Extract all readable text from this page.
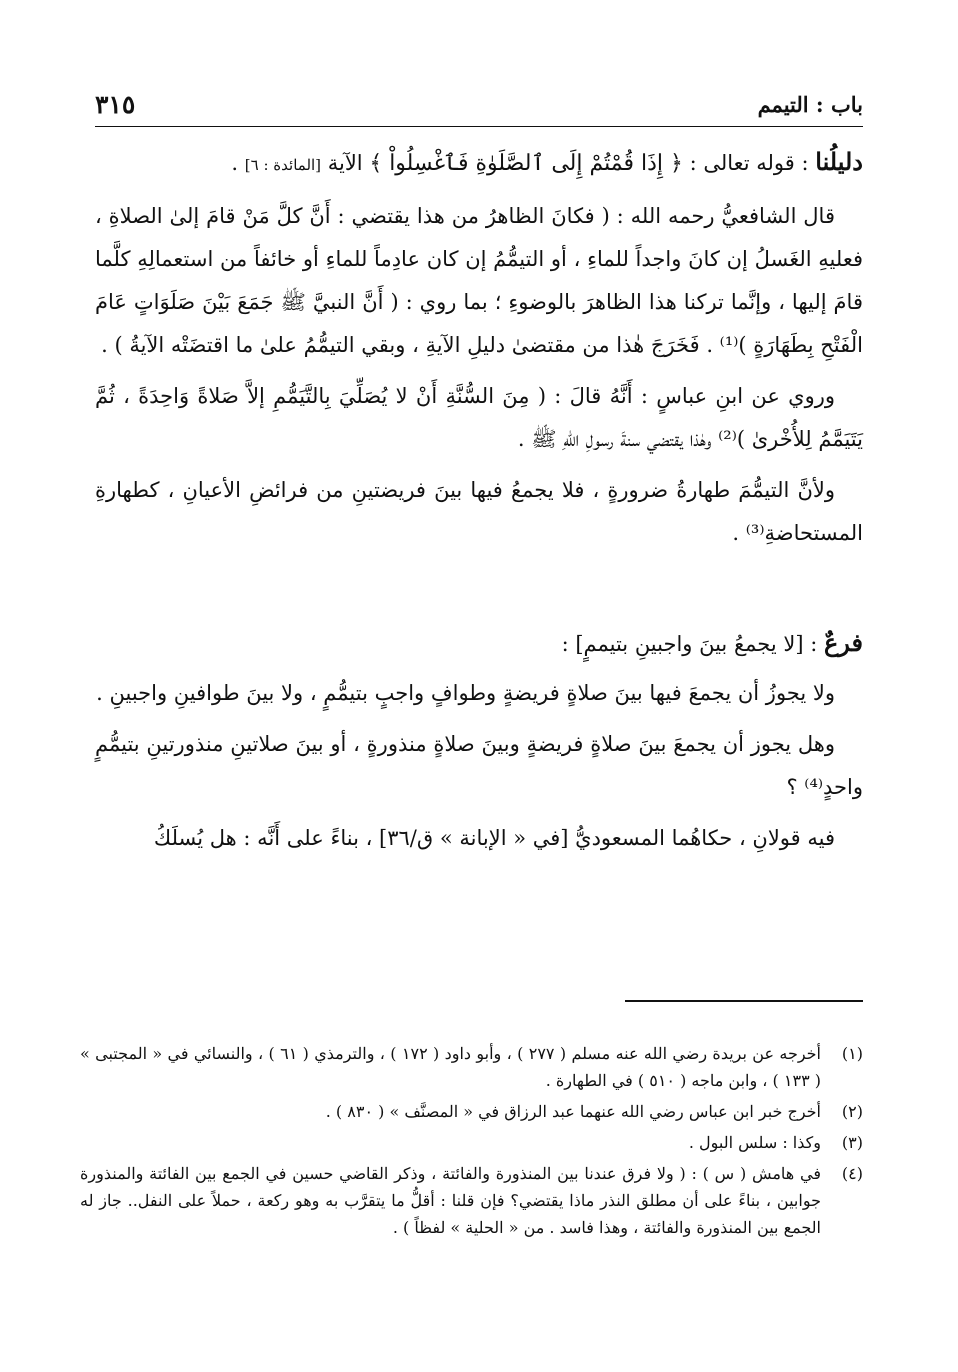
باب : التيمم
٣١٥

دليلُنا : قوله تعالى : ﴿ إِذَا قُمْتُمْ إِلَى ٱلصَّلَوٰةِ فَٱغْسِلُواْ ﴾ الآية [المائدة : ٦] .

قال الشافعيُّ رحمه الله : ( فكانَ الظاهرُ من هذا يقتضي : أَنَّ كلَّ مَنْ قامَ إلىٰ الصلاةِ ، فعليهِ الغَسلُ إن كانَ واجداً للماءِ ، أو التيمُّمُ إن كان عادِماً للماءِ أو خائفاً من استعمالِهِ كلَّما قامَ إليها ، وإنَّما تركنا هذا الظاهرَ بالوضوءِ ؛ بما روي : ( أَنَّ النبيَّ ﷺ جَمَعَ بَيْنَ صَلَوَاتٍ عَامَ الْفَتْحِ بِطَهَارَةٍ )⁽¹⁾ . فَخَرَجَ هٰذا من مقتضىٰ دليلِ الآيةِ ، وبقي التيمُّمُ علىٰ ما اقتضَتْه الآيةُ ) .

وروي عن ابنِ عباسٍ : أَنَّهُ قالَ : ( مِنَ السُّنَّةِ أَنْ لا يُصَلِّيَ بِالتَّيَمُّمِ إلاَّ صَلاةً وَاحِدَةً ، ثُمَّ يَتَيَمَّمُ لِلأُخْرىٰ )⁽²⁾ وهٰذا يقتضي سنةَ رسولِ اللهِ ﷺ .

ولأنَّ التيمُّمَ طهارةُ ضرورةٍ ، فلا يجمعُ فيها بينَ فريضتينِ من فرائضِ الأعيانِ ، كطهارةِ المستحاضةِ⁽³⁾ .

فرعٌ : [لا يجمعُ بينَ واجبينِ بتيممٍ] :

ولا يجوزُ أن يجمعَ فيها بينَ صلاةٍ فريضةٍ وطوافٍ واجبٍ بتيمُّمٍ ، ولا بينَ طوافينِ واجبينِ .

وهل يجوز أن يجمعَ بينَ صلاةٍ فريضةٍ وبينَ صلاةٍ منذورةٍ ، أو بينَ صلاتينِ منذورتينِ بتيمُّمٍ واحدٍ⁽⁴⁾ ؟

فيه قولانِ ، حكاهُما المسعوديُّ [في « الإبانة » ق/٣٦] ، بناءً على أَنَّه : هل يُسلَكُ

(١)
أخرجه عن بريدة رضي الله عنه مسلم ( ٢٧٧ ) ، وأبو داود ( ١٧٢ ) ، والترمذي ( ٦١ ) ، والنسائي في « المجتبى » ( ١٣٣ ) ، وابن ماجه ( ٥١٠ ) في الطهارة .
(٢)
أخرج خبر ابن عباس رضي الله عنهما عبد الرزاق في « المصنَّف » ( ٨٣٠ ) .
(٣)
وكذا : سلس البول .
(٤)
في هامش ( س ) : ( ولا فرق عندنا بين المنذورة والفائتة ، وذكر القاضي حسين في الجمع بين الفائتة والمنذورة جوابين ، بناءً على أن مطلق النذر ماذا يقتضي؟ فإن قلنا : أقلُّ ما يتقرَّب به وهو ركعة ، حملاً على النفل.. جاز له الجمع بين المنذورة والفائتة ، وهذا فاسد . من « الحلية » لفظاً ) .
